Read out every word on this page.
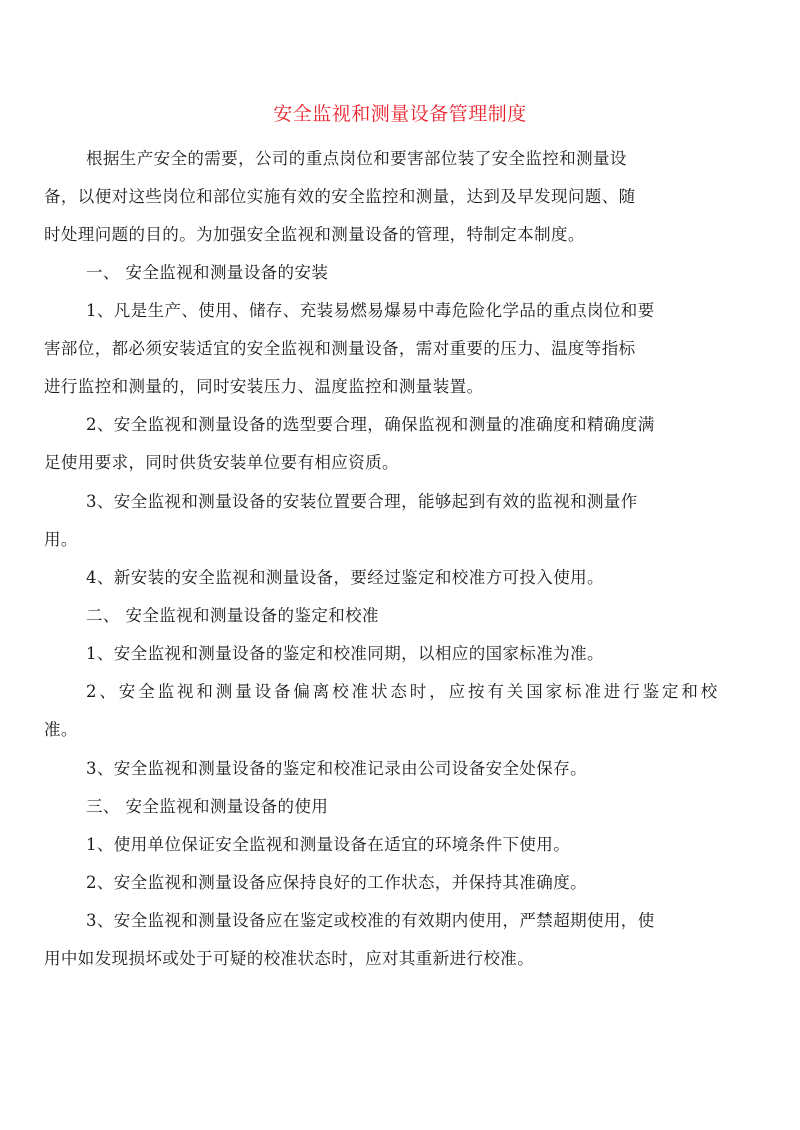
安全监视和测量设备管理制度
根据生产安全的需要，公司的重点岗位和要害部位装了安全监控和测量设
备，以便对这些岗位和部位实施有效的安全监控和测量，达到及早发现问题、随
时处理问题的目的。为加强安全监视和测量设备的管理，特制定本制度。
一、 安全监视和测量设备的安装
1、凡是生产、使用、储存、充装易燃易爆易中毒危险化学品的重点岗位和要
害部位，都必须安装适宜的安全监视和测量设备，需对重要的压力、温度等指标
进行监控和测量的，同时安装压力、温度监控和测量装置。
2、安全监视和测量设备的选型要合理，确保监视和测量的准确度和精确度满
足使用要求，同时供货安装单位要有相应资质。
3、安全监视和测量设备的安装位置要合理，能够起到有效的监视和测量作
用。
4、新安装的安全监视和测量设备，要经过鉴定和校准方可投入使用。
二、 安全监视和测量设备的鉴定和校准
1、安全监视和测量设备的鉴定和校准同期，以相应的国家标准为准。
2、安全监视和测量设备偏离校准状态时，应按有关国家标准进行鉴定和校
准。
3、安全监视和测量设备的鉴定和校准记录由公司设备安全处保存。
三、 安全监视和测量设备的使用
1、使用单位保证安全监视和测量设备在适宜的环境条件下使用。
2、安全监视和测量设备应保持良好的工作状态，并保持其准确度。
3、安全监视和测量设备应在鉴定或校准的有效期内使用，严禁超期使用，使
用中如发现损坏或处于可疑的校准状态时，应对其重新进行校准。
